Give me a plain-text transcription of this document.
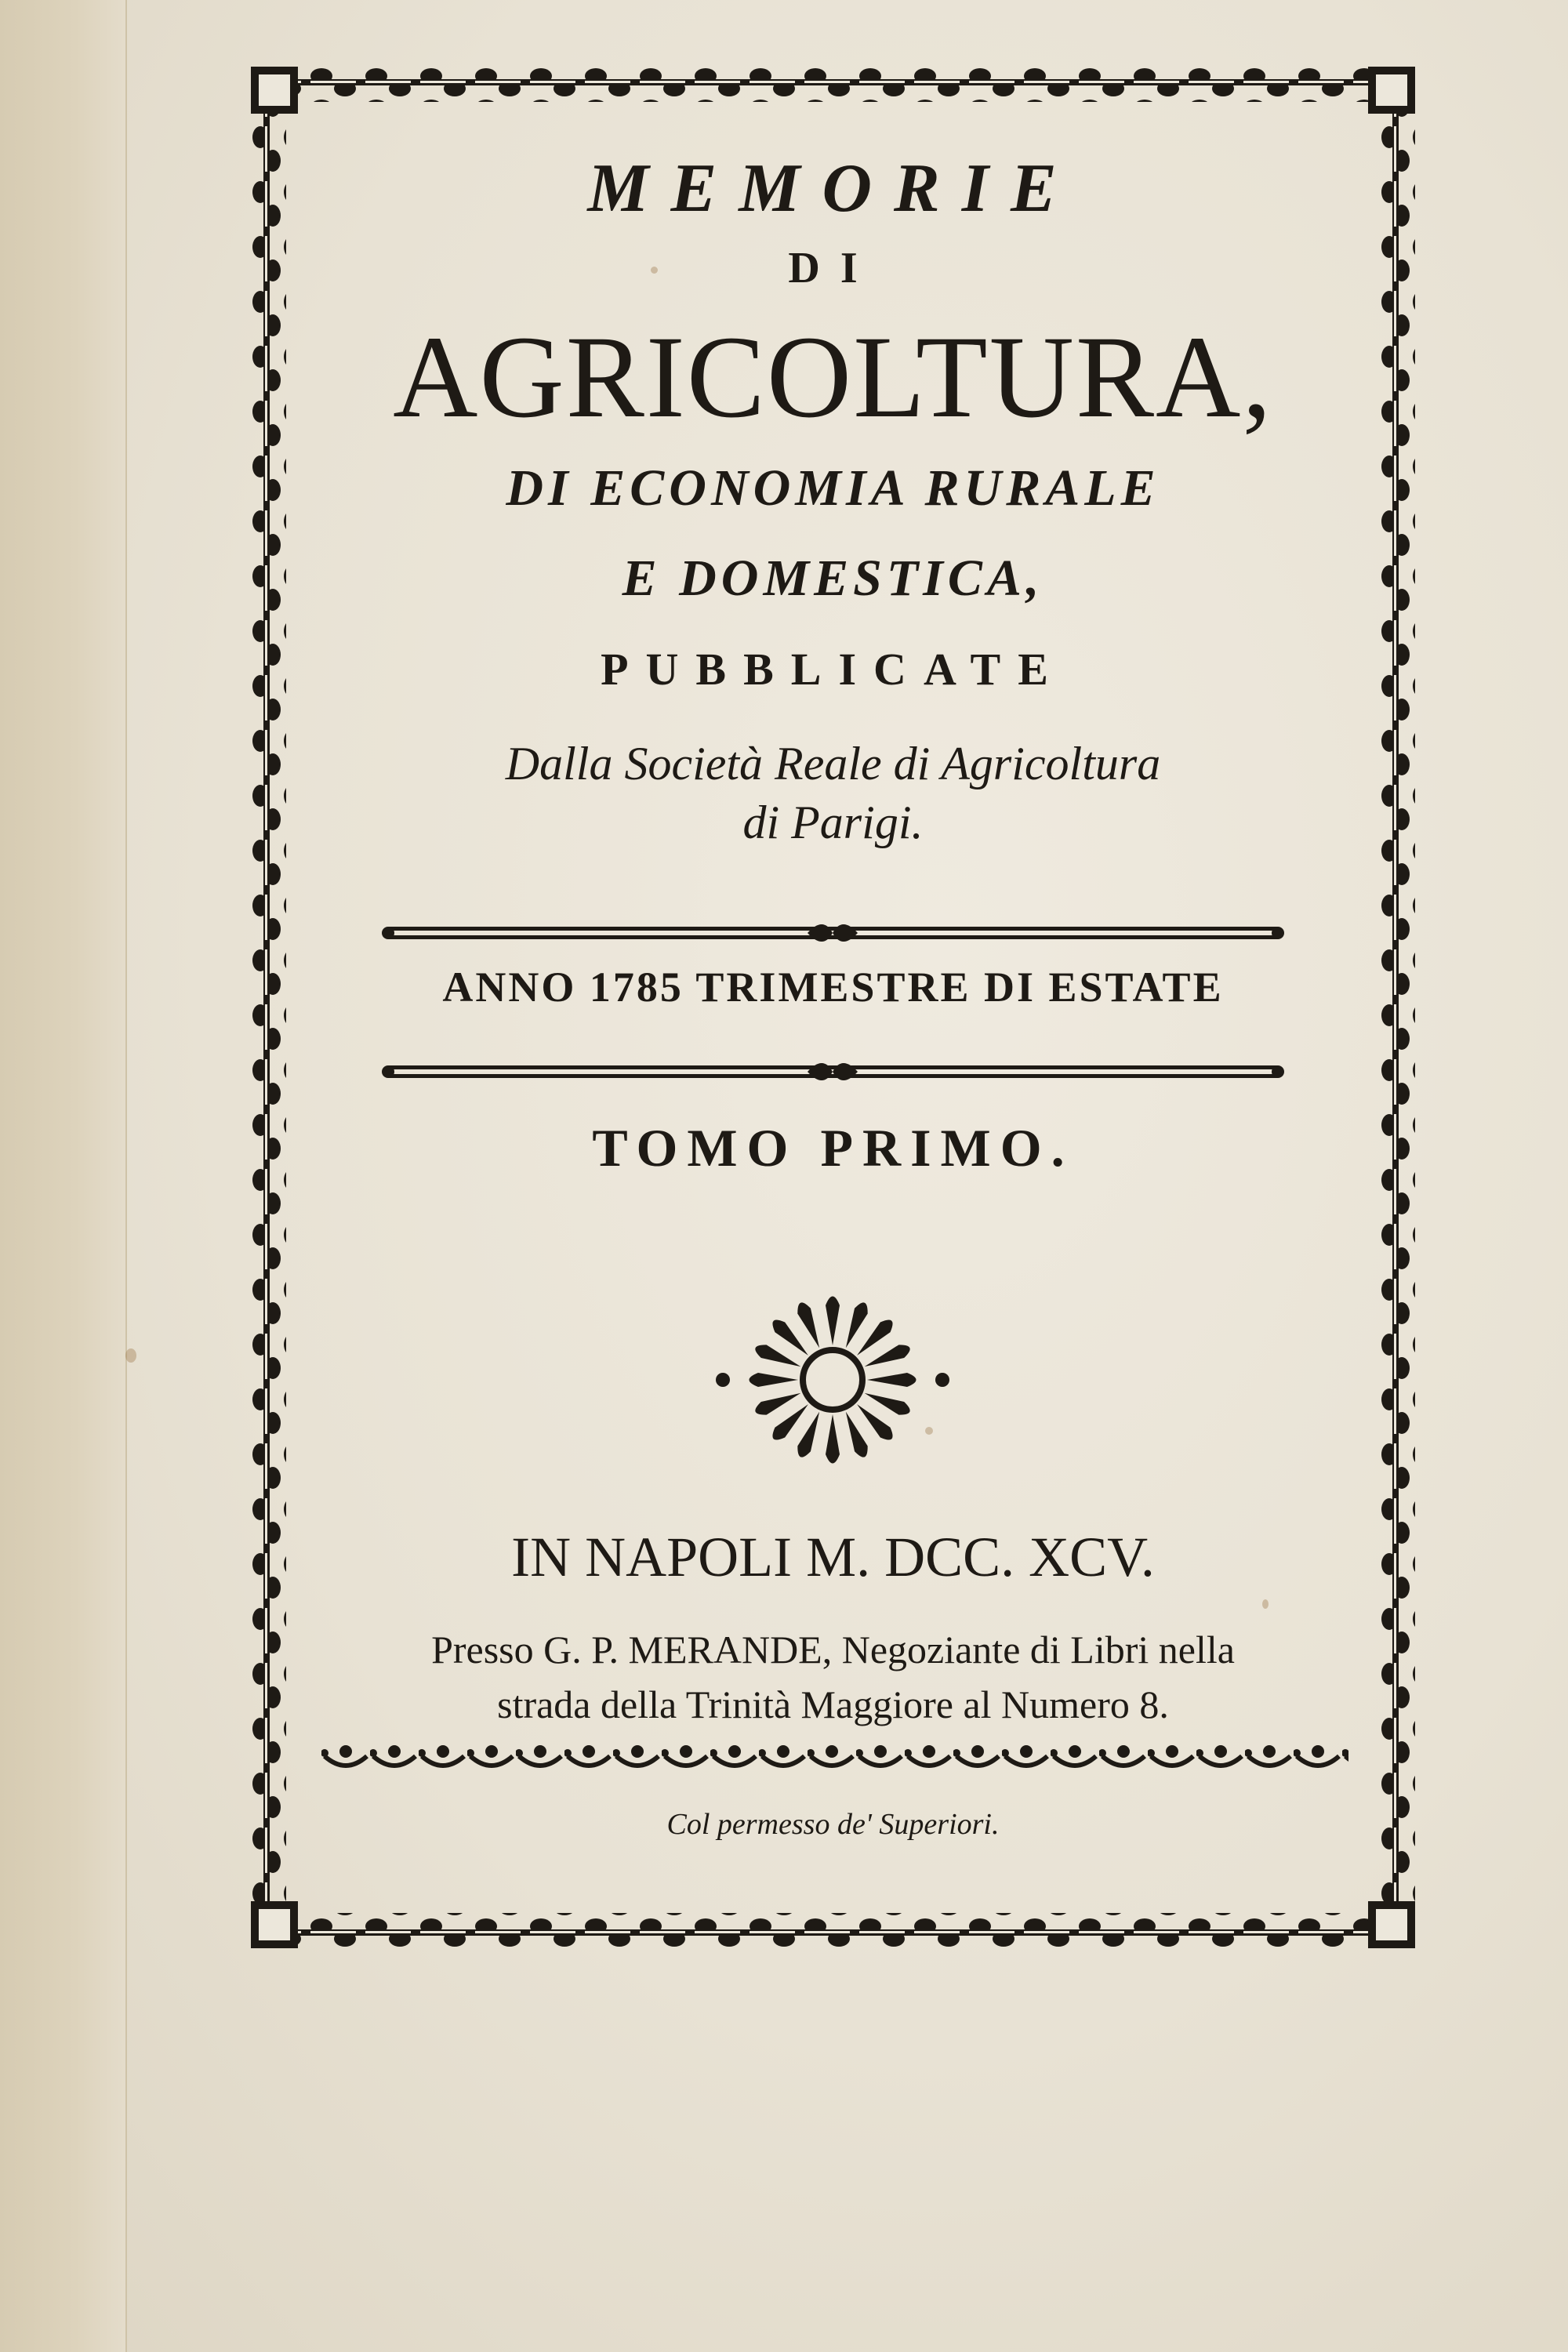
MEMORIE
DI
AGRICOLTURA,
DI ECONOMIA RURALE
E DOMESTICA,
PUBBLICATE
Dalla Società Reale di Agricoltura
di Parigi.
ANNO 1785 TRIMESTRE DI ESTATE
TOMO PRIMO.
IN NAPOLI M. DCC. XCV.
Presso G. P. MERANDE, Negoziante di Libri nella
strada della Trinità Maggiore al Numero 8.
Col permesso de' Superiori.
